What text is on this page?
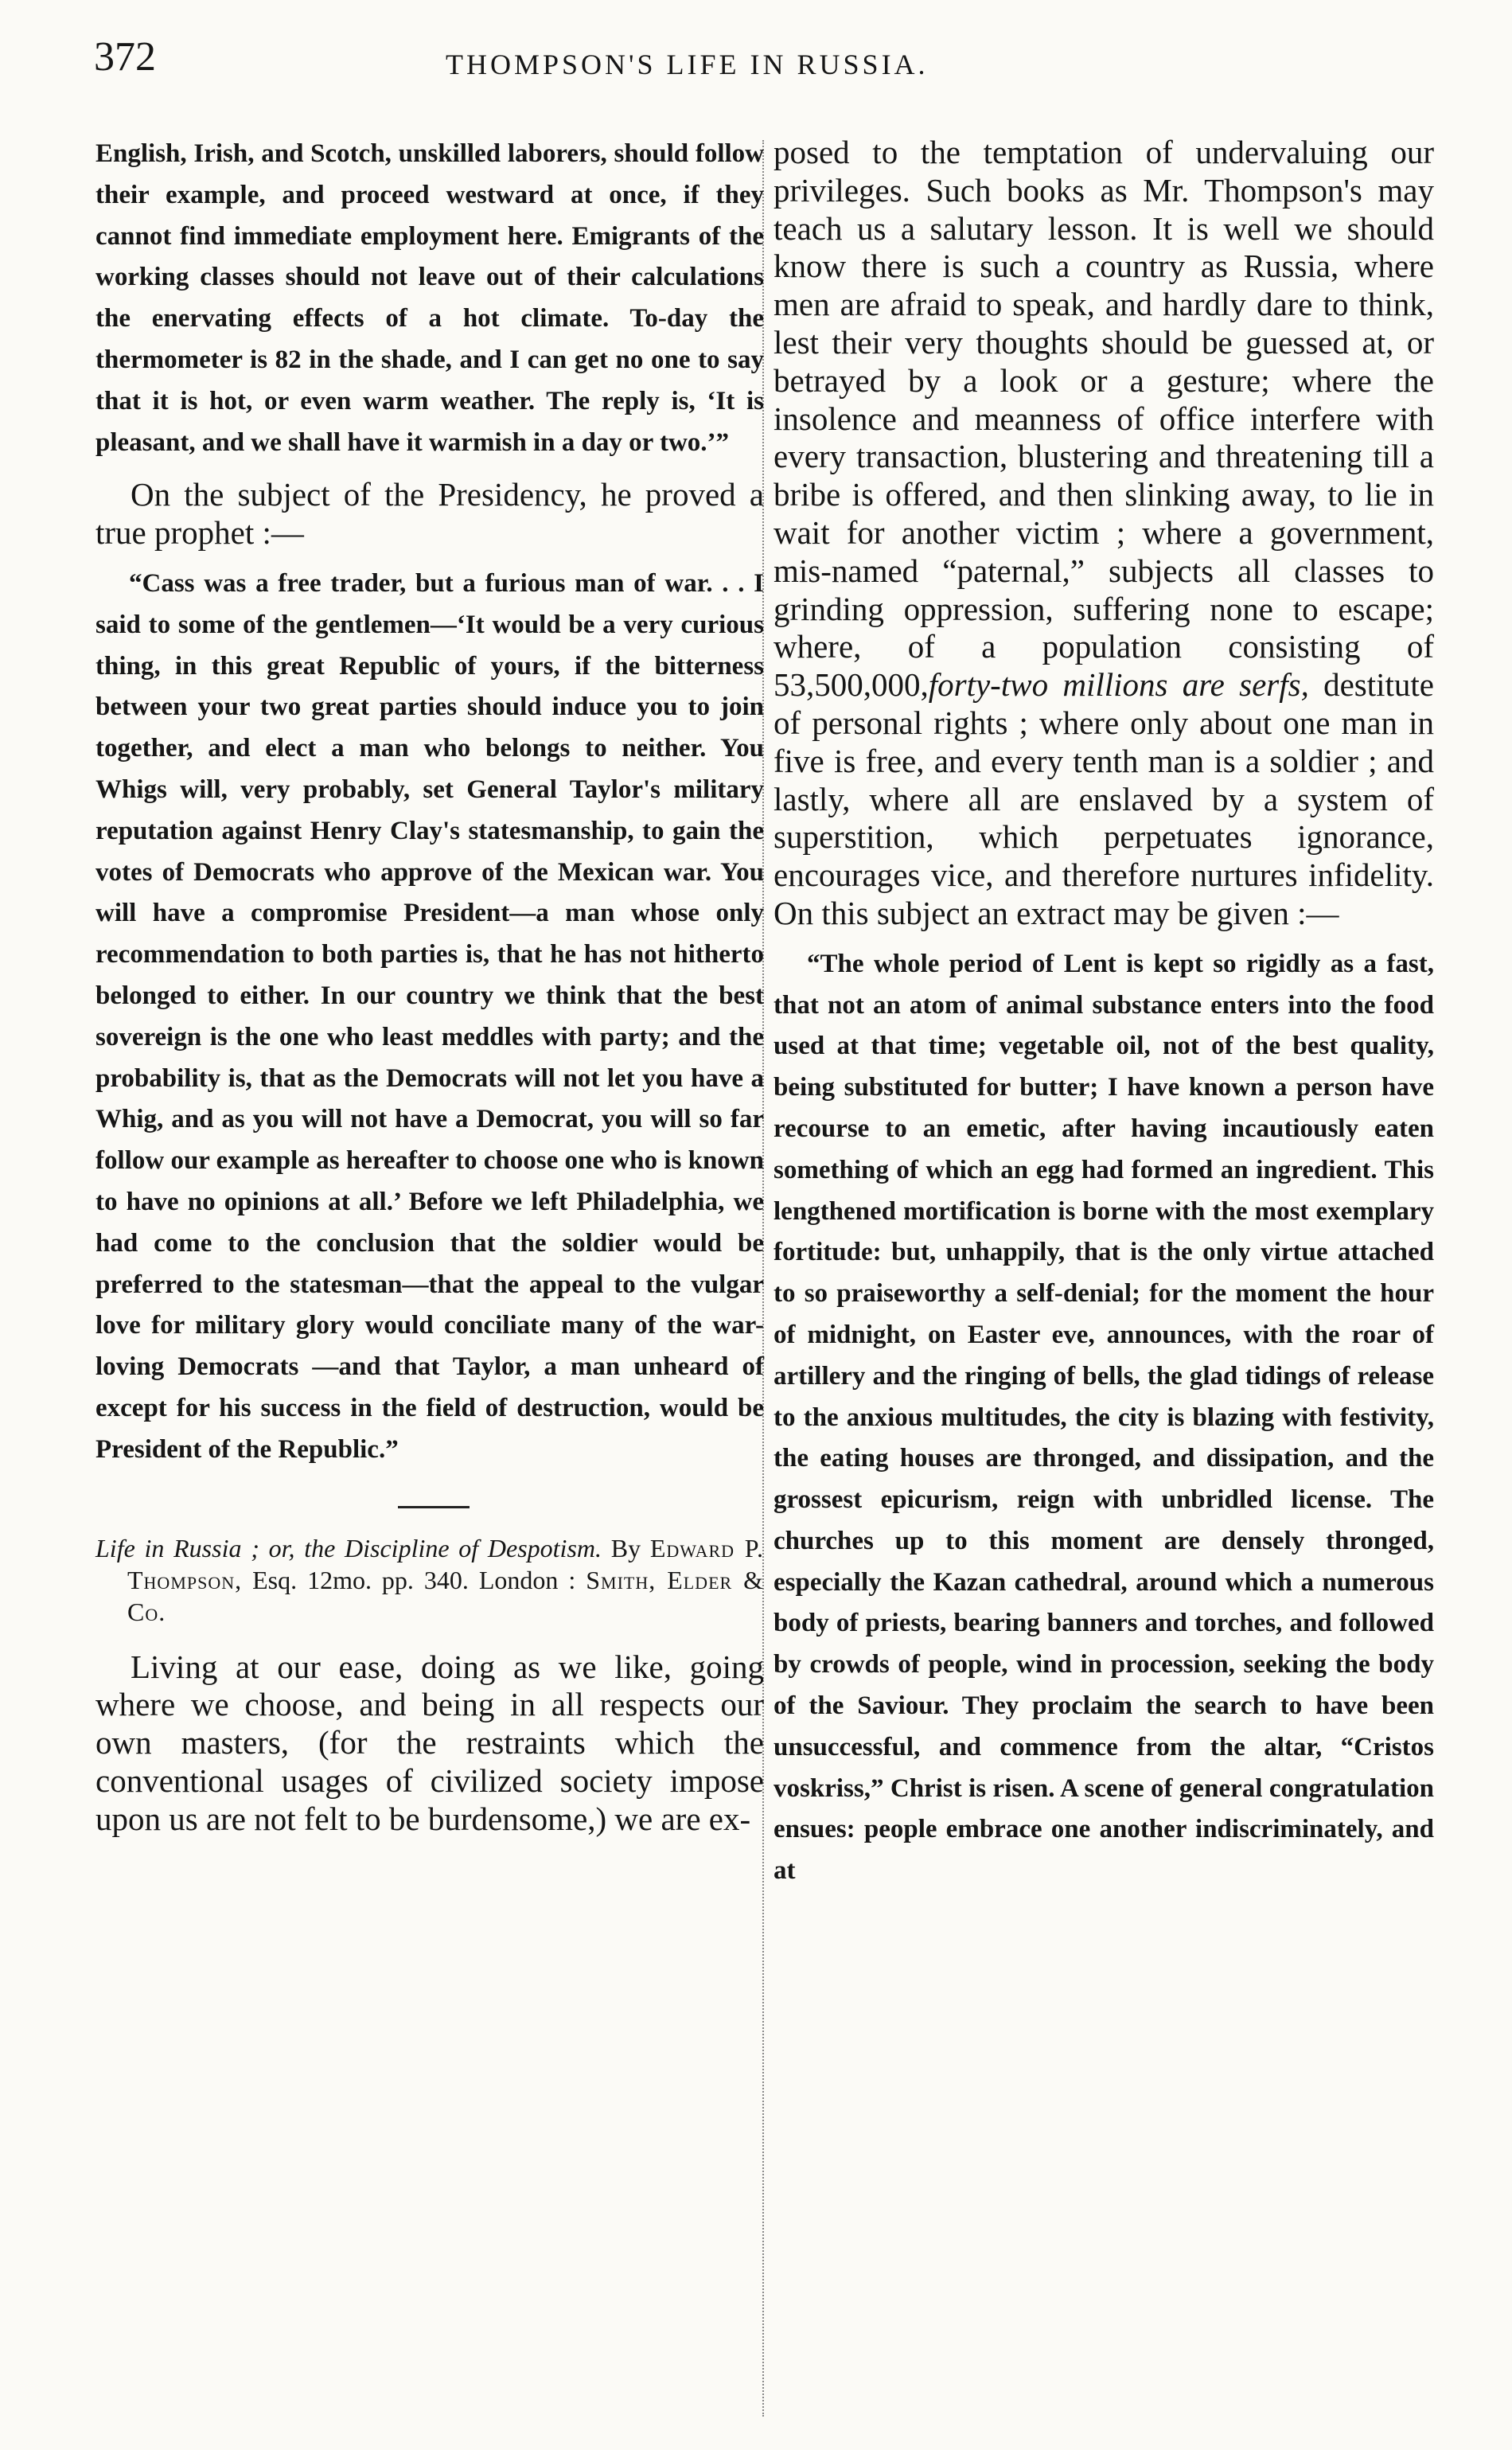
372	THOMPSON'S LIFE IN RUSSIA.

English, Irish, and Scotch, unskilled laborers, should follow their example, and proceed westward at once, if they cannot find immediate employment here. Emigrants of the working classes should not leave out of their calculations the enervating effects of a hot climate. To-day the thermometer is 82 in the shade, and I can get no one to say that it is hot, or even warm weather. The reply is, ‘It is pleasant, and we shall have it warmish in a day or two.’”

On the subject of the Presidency, he proved a true prophet :—

“Cass was a free trader, but a furious man of war. . . I said to some of the gentlemen—‘It would be a very curious thing, in this great Republic of yours, if the bitterness between your two great parties should induce you to join together, and elect a man who belongs to neither. You Whigs will, very probably, set General Taylor's military reputation against Henry Clay's statesmanship, to gain the votes of Democrats who approve of the Mexican war. You will have a compromise President—a man whose only recommendation to both parties is, that he has not hitherto belonged to either. In our country we think that the best sovereign is the one who least meddles with party; and the probability is, that as the Democrats will not let you have a Whig, and as you will not have a Democrat, you will so far follow our example as hereafter to choose one who is known to have no opinions at all.’ Before we left Philadelphia, we had come to the conclusion that the soldier would be preferred to the statesman—that the appeal to the vulgar love for military glory would conciliate many of the war-loving Democrats —and that Taylor, a man unheard of except for his success in the field of destruction, would be President of the Republic.”

Life in Russia ; or, the Discipline of Despotism. By Edward P. Thompson, Esq. 12mo. pp. 340. London : Smith, Elder & Co.

Living at our ease, doing as we like, going where we choose, and being in all respects our own masters, (for the restraints which the conventional usages of civilized society impose upon us are not felt to be burdensome,) we are ex-

posed to the temptation of undervaluing our privileges. Such books as Mr. Thompson's may teach us a salutary lesson. It is well we should know there is such a country as Russia, where men are afraid to speak, and hardly dare to think, lest their very thoughts should be guessed at, or betrayed by a look or a gesture; where the insolence and meanness of office interfere with every transaction, blustering and threatening till a bribe is offered, and then slinking away, to lie in wait for another victim ; where a government, mis-named “paternal,” subjects all classes to grinding oppression, suffering none to escape; where, of a population consisting of 53,500,000,forty-two millions are serfs, destitute of personal rights ; where only about one man in five is free, and every tenth man is a soldier ; and lastly, where all are enslaved by a system of superstition, which perpetuates ignorance, encourages vice, and therefore nurtures infidelity. On this subject an extract may be given :—

“The whole period of Lent is kept so rigidly as a fast, that not an atom of animal substance enters into the food used at that time; vegetable oil, not of the best quality, being substituted for butter; I have known a person have recourse to an emetic, after having incautiously eaten something of which an egg had formed an ingredient. This lengthened mortification is borne with the most exemplary fortitude: but, unhappily, that is the only virtue attached to so praiseworthy a self-denial; for the moment the hour of midnight, on Easter eve, announces, with the roar of artillery and the ringing of bells, the glad tidings of release to the anxious multitudes, the city is blazing with festivity, the eating houses are thronged, and dissipation, and the grossest epicurism, reign with unbridled license. The churches up to this moment are densely thronged, especially the Kazan cathedral, around which a numerous body of priests, bearing banners and torches, and followed by crowds of people, wind in procession, seeking the body of the Saviour. They proclaim the search to have been unsuccessful, and commence from the altar, “Cristos voskriss,” Christ is risen. A scene of general congratulation ensues: people embrace one another indiscriminately, and at
